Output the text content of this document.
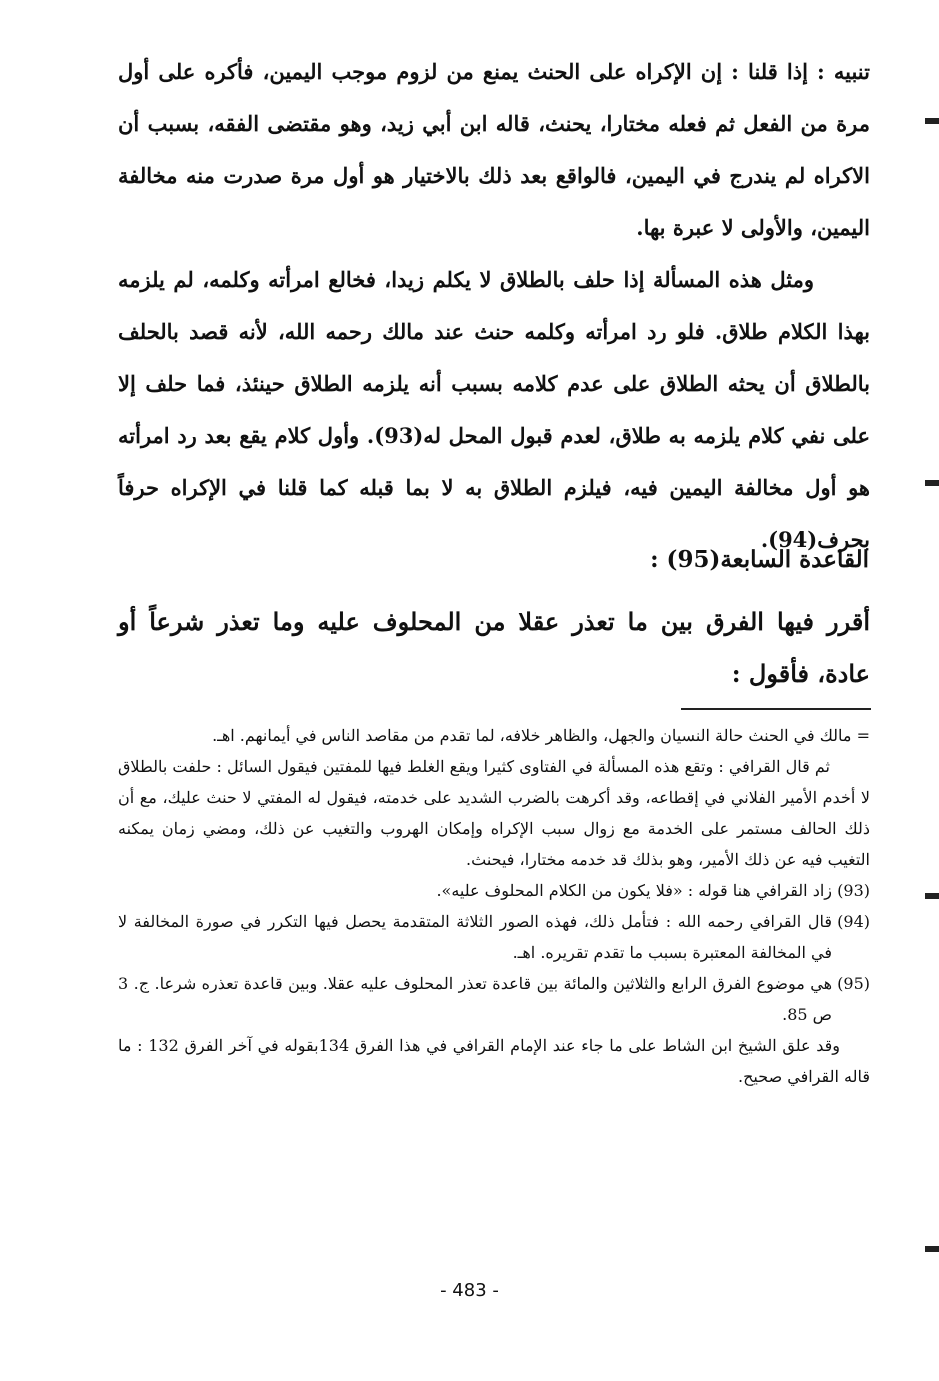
تنبيه : إذا قلنا : إن الإكراه على الحنث يمنع من لزوم موجب اليمين، فأكره على أول مرة من الفعل ثم فعله مختارا، يحنث، قاله ابن أبي زيد، وهو مقتضى الفقه، بسبب أن الاكراه لم يندرج في اليمين، فالواقع بعد ذلك بالاختيار هو أول مرة صدرت منه مخالفة اليمين، والأولى لا عبرة بها.

ومثل هذه المسألة إذا حلف بالطلاق لا يكلم زيدا، فخالع امرأته وكلمه، لم يلزمه بهذا الكلام طلاق. فلو رد امرأته وكلمه حنث عند مالك رحمه الله، لأنه قصد بالحلف بالطلاق أن يحثه الطلاق على عدم كلامه بسبب أنه يلزمه الطلاق حينئذ، فما حلف إلا على نفي كلام يلزمه به طلاق، لعدم قبول المحل له(93). وأول كلام يقع بعد رد امرأته هو أول مخالفة اليمين فيه، فيلزم الطلاق به لا بما قبله كما قلنا في الإكراه حرفاً بحرف(94).

القاعدة السابعة(95) :
أقرر فيها الفرق بين ما تعذر عقلا من المحلوف عليه وما تعذر شرعاً أو عادة، فأقول :

= مالك في الحنث حالة النسيان والجهل، والظاهر خلافه، لما تقدم من مقاصد الناس في أيمانهم. اهـ.

ثم قال القرافي : وتقع هذه المسألة في الفتاوى كثيرا ويقع الغلط فيها للمفتين فيقول السائل : حلفت بالطلاق لا أخدم الأمير الفلاني في إقطاعه، وقد أكرهت بالضرب الشديد على خدمته، فيقول له المفتي لا حنث عليك، مع أن ذلك الحالف مستمر على الخدمة مع زوال سبب الإكراه وإمكان الهروب والتغيب عن ذلك، ومضي زمان يمكنه التغيب فيه عن ذلك الأمير، وهو بذلك قد خدمه مختارا، فيحنث.

(93)
زاد القرافي هنا قوله : «فلا يكون من الكلام المحلوف عليه».
(94)
قال القرافي رحمه الله : فتأمل ذلك، فهذه الصور الثلاثة المتقدمة يحصل فيها التكرر في صورة المخالفة لا في المخالفة المعتبرة بسبب ما تقدم تقريره. اهـ.
(95)
هي موضوع الفرق الرابع والثلاثين والمائة بين قاعدة تعذر المحلوف عليه عقلا. وبين قاعدة تعذره شرعا. ج. 3 ص 85.

وقد علق الشيخ ابن الشاط على ما جاء عند الإمام القرافي في هذا الفرق 134بقوله في آخر الفرق 132 : ما قاله القرافي صحيح.

- 483 -
